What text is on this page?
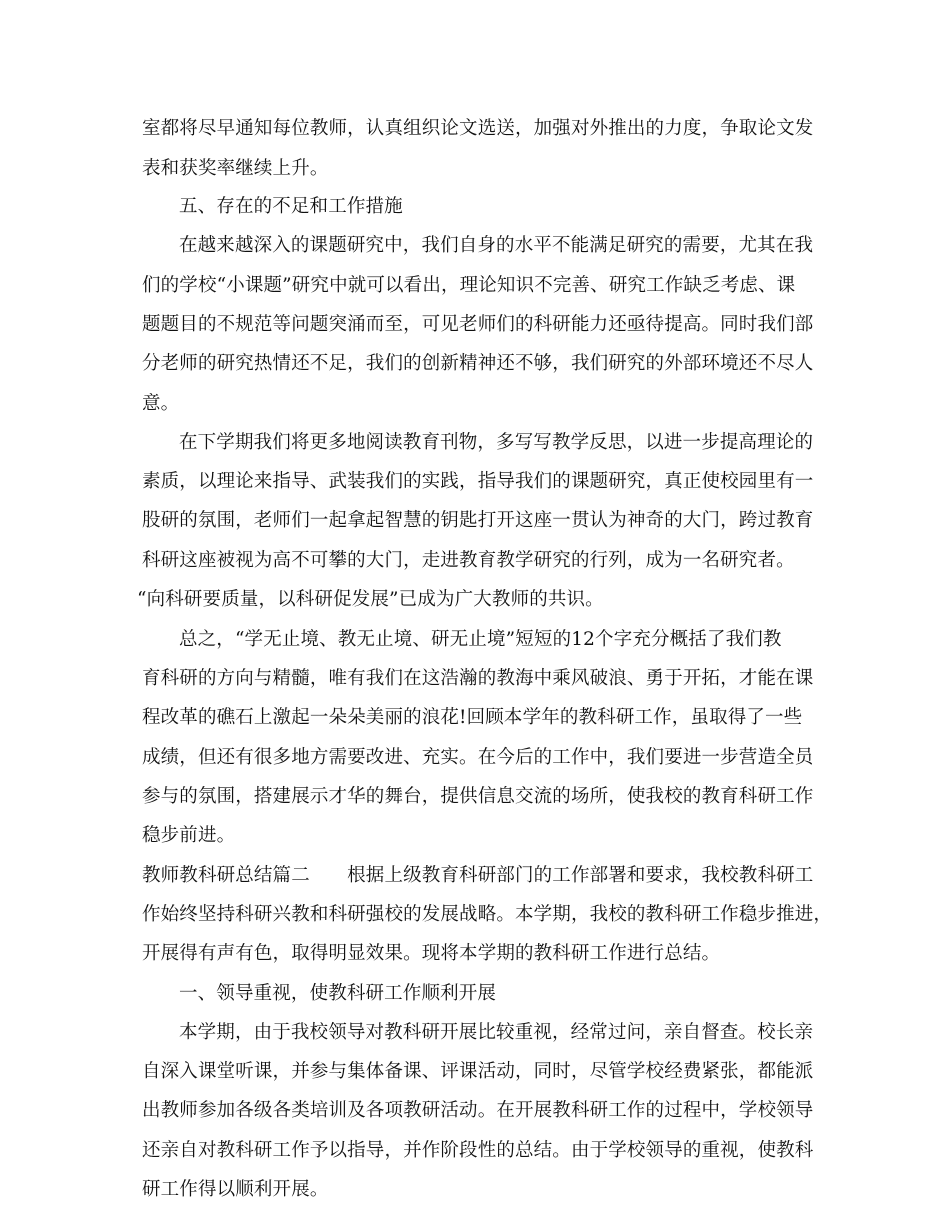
室都将尽早通知每位教师，认真组织论文选送，加强对外推出的力度，争取论文发
表和获奖率继续上升。
五、存在的不足和工作措施
在越来越深入的课题研究中，我们自身的水平不能满足研究的需要，尤其在我
们的学校“小课题”研究中就可以看出，理论知识不完善、研究工作缺乏考虑、课
题题目的不规范等问题突涌而至，可见老师们的科研能力还亟待提高。同时我们部
分老师的研究热情还不足，我们的创新精神还不够，我们研究的外部环境还不尽人
意。
在下学期我们将更多地阅读教育刊物，多写写教学反思，以进一步提高理论的
素质，以理论来指导、武装我们的实践，指导我们的课题研究，真正使校园里有一
股研的氛围，老师们一起拿起智慧的钥匙打开这座一贯认为神奇的大门，跨过教育
科研这座被视为高不可攀的大门，走进教育教学研究的行列，成为一名研究者。
“向科研要质量，以科研促发展”已成为广大教师的共识。
总之，“学无止境、教无止境、研无止境”短短的12个字充分概括了我们教
育科研的方向与精髓，唯有我们在这浩瀚的教海中乘风破浪、勇于开拓，才能在课
程改革的礁石上激起一朵朵美丽的浪花!回顾本学年的教科研工作，虽取得了一些
成绩，但还有很多地方需要改进、充实。在今后的工作中，我们要进一步营造全员
参与的氛围，搭建展示才华的舞台，提供信息交流的场所，使我校的教育科研工作
稳步前进。
教师教科研总结篇二　　根据上级教育科研部门的工作部署和要求，我校教科研工
作始终坚持科研兴教和科研强校的发展战略。本学期，我校的教科研工作稳步推进，
开展得有声有色，取得明显效果。现将本学期的教科研工作进行总结。
一、领导重视，使教科研工作顺利开展
本学期，由于我校领导对教科研开展比较重视，经常过问，亲自督查。校长亲
自深入课堂听课，并参与集体备课、评课活动，同时，尽管学校经费紧张，都能派
出教师参加各级各类培训及各项教研活动。在开展教科研工作的过程中，学校领导
还亲自对教科研工作予以指导，并作阶段性的总结。由于学校领导的重视，使教科
研工作得以顺利开展。
